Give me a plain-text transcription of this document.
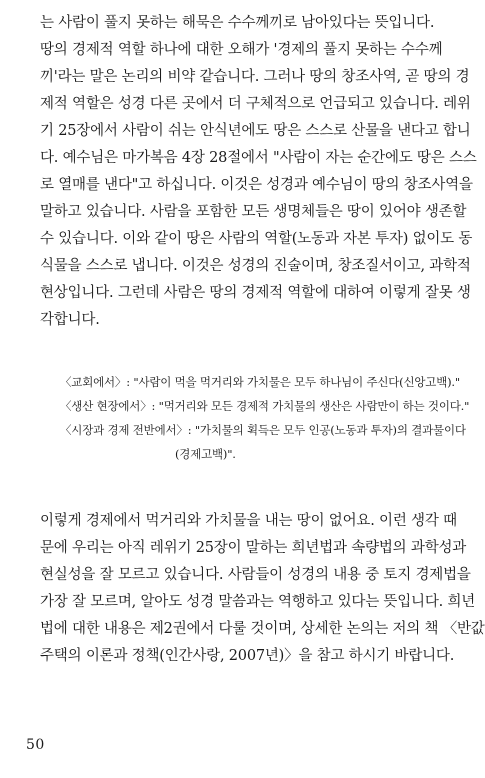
는 사람이 풀지 못하는 해묵은 수수께끼로 남아있다는 뜻입니다.
땅의 경제적 역할 하나에 대한 오해가 '경제의 풀지 못하는 수수께
끼'라는 말은 논리의 비약 같습니다. 그러나 땅의 창조사역, 곧 땅의 경
제적 역할은 성경 다른 곳에서 더 구체적으로 언급되고 있습니다. 레위
기 25장에서 사람이 쉬는 안식년에도 땅은 스스로 산물을 낸다고 합니
다. 예수님은 마가복음 4장 28절에서 "사람이 자는 순간에도 땅은 스스
로 열매를 낸다"고 하십니다. 이것은 성경과 예수님이 땅의 창조사역을
말하고 있습니다. 사람을 포함한 모든 생명체들은 땅이 있어야 생존할
수 있습니다. 이와 같이 땅은 사람의 역할(노동과 자본 투자) 없이도 동
식물을 스스로 냅니다. 이것은 성경의 진술이며, 창조질서이고, 과학적
현상입니다. 그런데 사람은 땅의 경제적 역할에 대하여 이렇게 잘못 생
각합니다.
〈교회에서〉: "사람이 먹을 먹거리와 가치물은 모두 하나님이 주신다(신앙고백)."
〈생산 현장에서〉: "먹거리와 모든 경제적 가치물의 생산은 사람만이 하는 것이다."
〈시장과 경제 전반에서〉: "가치물의 획득은 모두 인공(노동과 투자)의 결과물이다
(경제고백)".
이렇게 경제에서 먹거리와 가치물을 내는 땅이 없어요. 이런 생각 때
문에 우리는 아직 레위기 25장이 말하는 희년법과 속량법의 과학성과
현실성을 잘 모르고 있습니다. 사람들이 성경의 내용 중 토지 경제법을
가장 잘 모르며, 알아도 성경 말씀과는 역행하고 있다는 뜻입니다. 희년
법에 대한 내용은 제2권에서 다룰 것이며, 상세한 논의는 저의 책 〈반값
주택의 이론과 정책(인간사랑, 2007년)〉을 참고 하시기 바랍니다.
50
